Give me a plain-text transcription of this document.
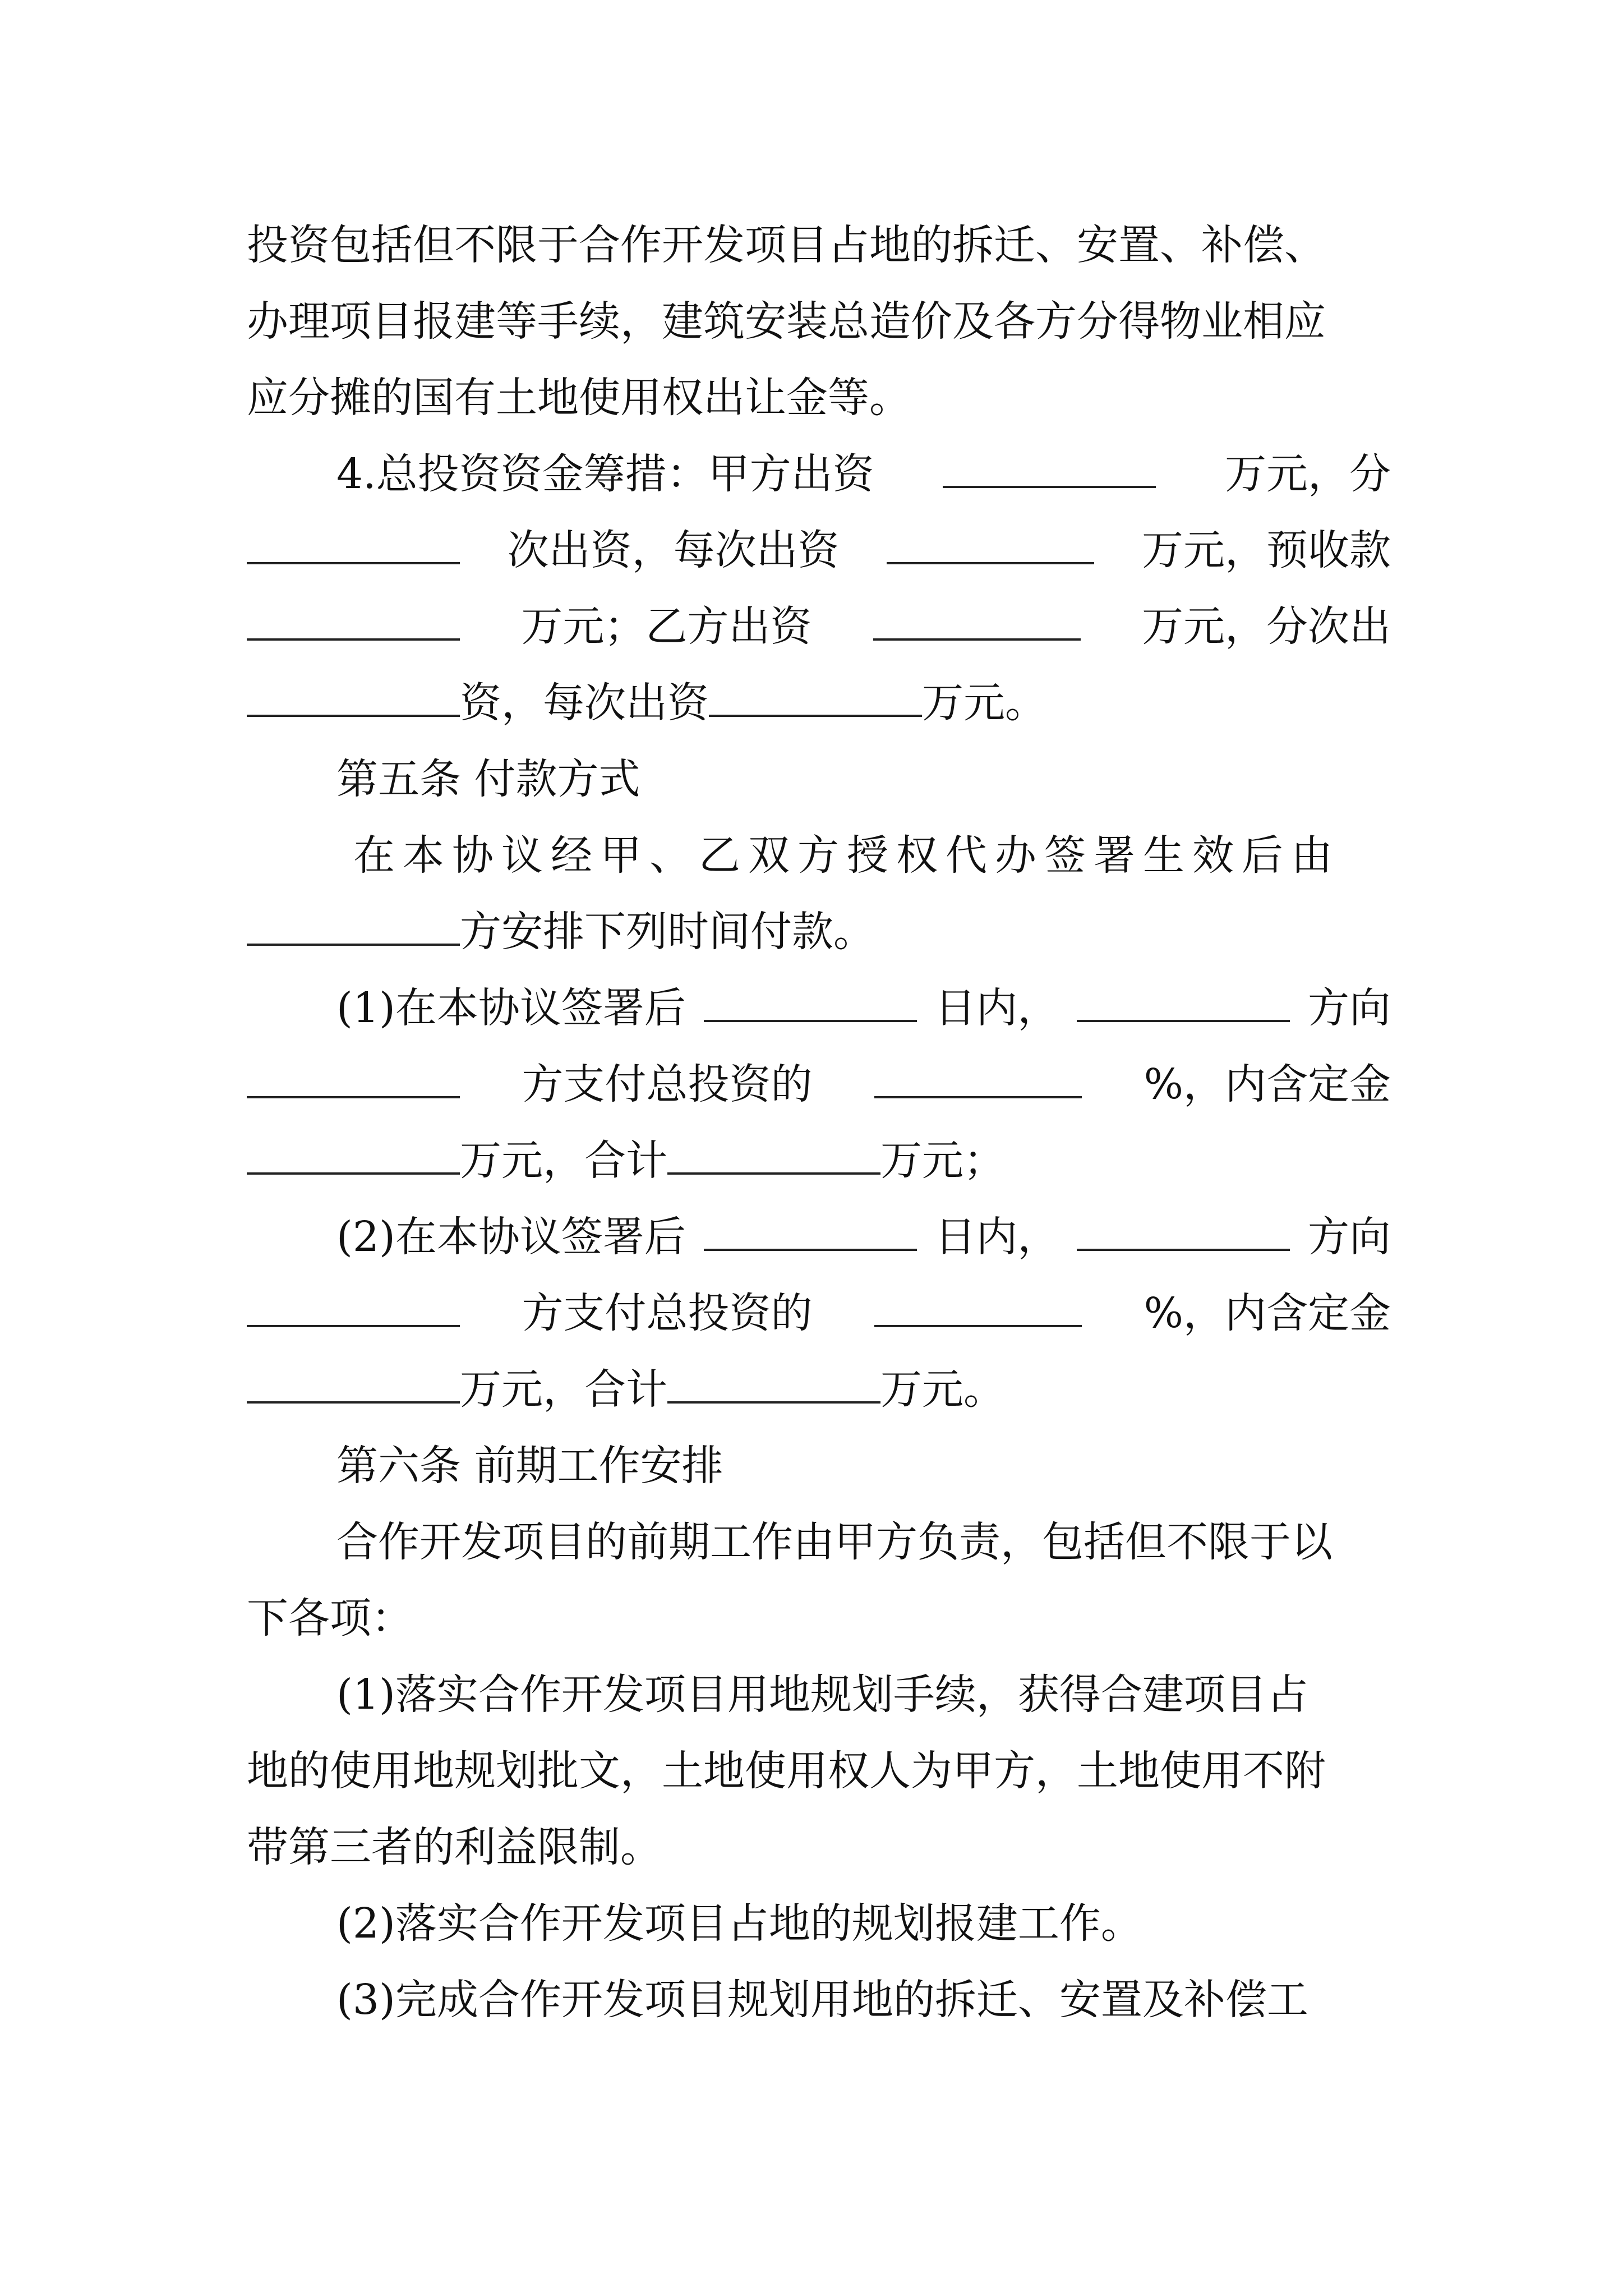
投资包括但不限于合作开发项目占地的拆迁、安置、补偿、
办理项目报建等手续，建筑安装总造价及各方分得物业相应
应分摊的国有土地使用权出让金等。
4.总投资资金筹措：甲方出资	万元，分
次出资，每次出资	万元，预收款
万元；乙方出资	万元，分次出
资，每次出资	万元。
第五条 付款方式
在本协议经甲、乙双方授权代办签署生效后由
方安排下列时间付款。
(1)在本协议签署后	日内，	方向
方支付总投资的	%，内含定金
万元，合计	万元；
(2)在本协议签署后	日内，	方向
方支付总投资的	%，内含定金
万元，合计	万元。
第六条 前期工作安排
合作开发项目的前期工作由甲方负责，包括但不限于以
下各项：
(1)落实合作开发项目用地规划手续，获得合建项目占
地的使用地规划批文，土地使用权人为甲方，土地使用不附
带第三者的利益限制。
(2)落实合作开发项目占地的规划报建工作。
(3)完成合作开发项目规划用地的拆迁、安置及补偿工
